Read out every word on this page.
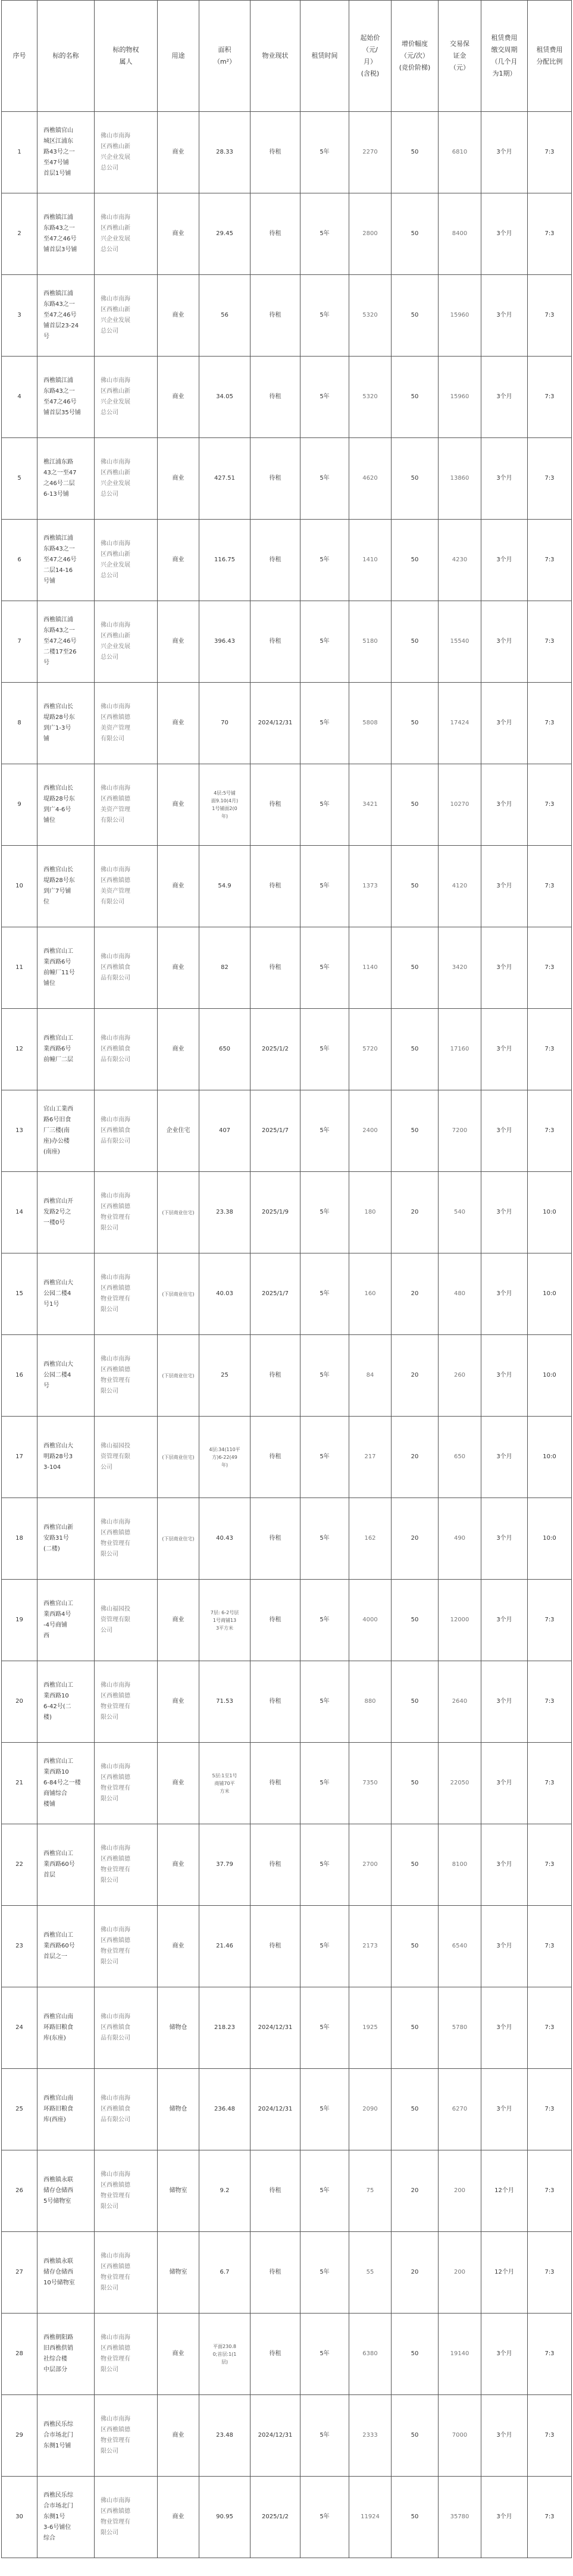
序号	标的名称	标的物权
属人	用途	面积
（m²）	物业现状	租赁时间	起始价
（元/
月）
(含税)	增价幅度
（元/次）
(竞价阶梯)	交易保
证金
（元）	租赁费用
缴交周期
（几个月
为1期）	租赁费用
分配比例
1	西樵镇官山
城区江浦东
路43号之一
至47号铺
首层1号铺	佛山市南海
区西樵山新
兴企业发展
总公司	商业	28.33	待租	5年	2270	50	6810	3个月	7:3
2	西樵镇江浦
东路43之一
至47之46号
铺首层3号铺	佛山市南海
区西樵山新
兴企业发展
总公司	商业	29.45	待租	5年	2800	50	8400	3个月	7:3
3	西樵镇江浦
东路43之一
至47之46号
铺首层23-24
号	佛山市南海
区西樵山新
兴企业发展
总公司	商业	56	待租	5年	5320	50	15960	3个月	7:3
4	西樵镇江浦
东路43之一
至47之46号
铺首层35号铺	佛山市南海
区西樵山新
兴企业发展
总公司	商业	34.05	待租	5年	5320	50	15960	3个月	7:3
5	樵江浦东路
43之一至47
之46号二层
6-13号铺	佛山市南海
区西樵山新
兴企业发展
总公司	商业	427.51	待租	5年	4620	50	13860	3个月	7:3
6	西樵镇江浦
东路43之一
至47之46号
二层14-16
号铺	佛山市南海
区西樵山新
兴企业发展
总公司	商业	116.75	待租	5年	1410	50	4230	3个月	7:3
7	西樵镇江浦
东路43之一
至47之46号
二楼17至26
号	佛山市南海
区西樵山新
兴企业发展
总公司	商业	396.43	待租	5年	5180	50	15540	3个月	7:3
8	西樵官山长
堤路28号东
到广1-3号
铺	佛山市南海
区西樵镇德
美资产管理
有限公司	商业	70	2024/12/31	5年	5808	50	17424	3个月	7:3
9	西樵官山长
堤路28号东
到广4-6号
铺位	佛山市南海
区西樵镇德
美资产管理
有限公司	商业	4层:5号铺
面9.10(4月)
1号铺面2(0
年)	待租	5年	3421	50	10270	3个月	7:3
10	西樵官山长
堤路28号东
到广7号铺
位	佛山市南海
区西樵镇德
美资产管理
有限公司	商业	54.9	待租	5年	1373	50	4120	3个月	7:3
11	西樵官山工
業西路6号
前幢厂11号
铺位	佛山市南海
区西樵镇食
品有限公司	商业	82	待租	5年	1140	50	3420	3个月	7:3
12	西樵官山工
業西路6号
前幢厂二层	佛山市南海
区西樵镇食
品有限公司	商业	650	2025/1/2	5年	5720	50	17160	3个月	7:3
13	官山工業西
路6号旧食
厂三楼(南
座)办公楼
(南座)	佛山市南海
区西樵镇食
品有限公司	企业住宅	407	2025/1/7	5年	2400	50	7200	3个月	7:3
14	西樵官山开
发路2号之
一楼0号	佛山市南海
区西樵镇德
物业管理有
限公司	(下层商业住宅)	23.38	2025/1/9	5年	180	20	540	3个月	10:0
15	西樵官山大
公园二楼4
号1号	佛山市南海
区西樵镇德
物业管理有
限公司	(下层商业住宅)	40.03	2025/1/7	5年	160	20	480	3个月	10:0
16	西樵官山大
公园二楼4
号	佛山市南海
区西樵镇德
物业管理有
限公司	(下层商业住宅)	25	待租	5年	84	20	260	3个月	10:0
17	西樵官山大
明路28号3
3-104	佛山福园投
资管理有限
公司	(下层商业住宅)	4层:34(110平
方)6-22(49
年)	待租	5年	217	20	650	3个月	10:0
18	西樵官山新
安路31号
(二楼)	佛山市南海
区西樵镇德
物业管理有
限公司	(下层商业住宅)	40.43	待租	5年	162	20	490	3个月	10:0
19	西樵官山工
業西路4号
-4号商铺
西	佛山福园投
资管理有限
公司	商业	7层: 6-2号层
1号商铺13
3平方米	待租	5年	4000	50	12000	3个月	7:3
20	西樵官山工
業西路10
6-42号(二
楼)	佛山市南海
区西樵镇德
物业管理有
限公司	商业	71.53	待租	5年	880	50	2640	3个月	7:3
21	西樵官山工
業西路10
6-84号之一楼
商铺综合
楼铺	佛山市南海
区西樵镇德
物业管理有
限公司	商业	5层:1至1号
商铺70平
方米	待租	5年	7350	50	22050	3个月	7:3
22	西樵官山工
業西路60号
首层	佛山市南海
区西樵镇德
物业管理有
限公司	商业	37.79	待租	5年	2700	50	8100	3个月	7:3
23	西樵官山工
業西路60号
首层之一	佛山市南海
区西樵镇德
物业管理有
限公司	商业	21.46	待租	5年	2173	50	6540	3个月	7:3
24	西樵官山南
环路旧粮食
库(东座)	佛山市南海
区西樵镇食
品有限公司	储物仓	218.23	2024/12/31	5年	1925	50	5780	3个月	7:3
25	西樵官山南
环路旧粮食
库(西座)	佛山市南海
区西樵镇食
品有限公司	储物仓	236.48	2024/12/31	5年	2090	50	6270	3个月	7:3
26	西樵镇永联
储存仓储西
5号储物室	佛山市南海
区西樵镇德
物业管理有
限公司	储物室	9.2	待租	5年	75	20	200	12个月	7:3
27	西樵镇永联
储存仓储西
10号储物室	佛山市南海
区西樵镇德
物业管理有
限公司	储物室	6.7	待租	5年	55	20	200	12个月	7:3
28	西樵朝阳路
旧西樵供销
社综合楼
中层部分	佛山市南海
区西樵镇德
物业管理有
限公司	商业	平面230.8
0;首层:1(1
层)	待租	5年	6380	50	19140	3个月	7:3
29	西樵民乐综
合市场北门
东侧1号铺	佛山市南海
区西樵镇德
物业管理有
限公司	商业	23.48	2024/12/31	5年	2333	50	7000	3个月	7:3
30	西樵民乐综
合市场北门
东侧1号
3-6号铺位
综合	佛山市南海
区西樵镇德
物业管理有
限公司	商业	90.95	2025/1/2	5年	11924	50	35780	3个月	7:3
